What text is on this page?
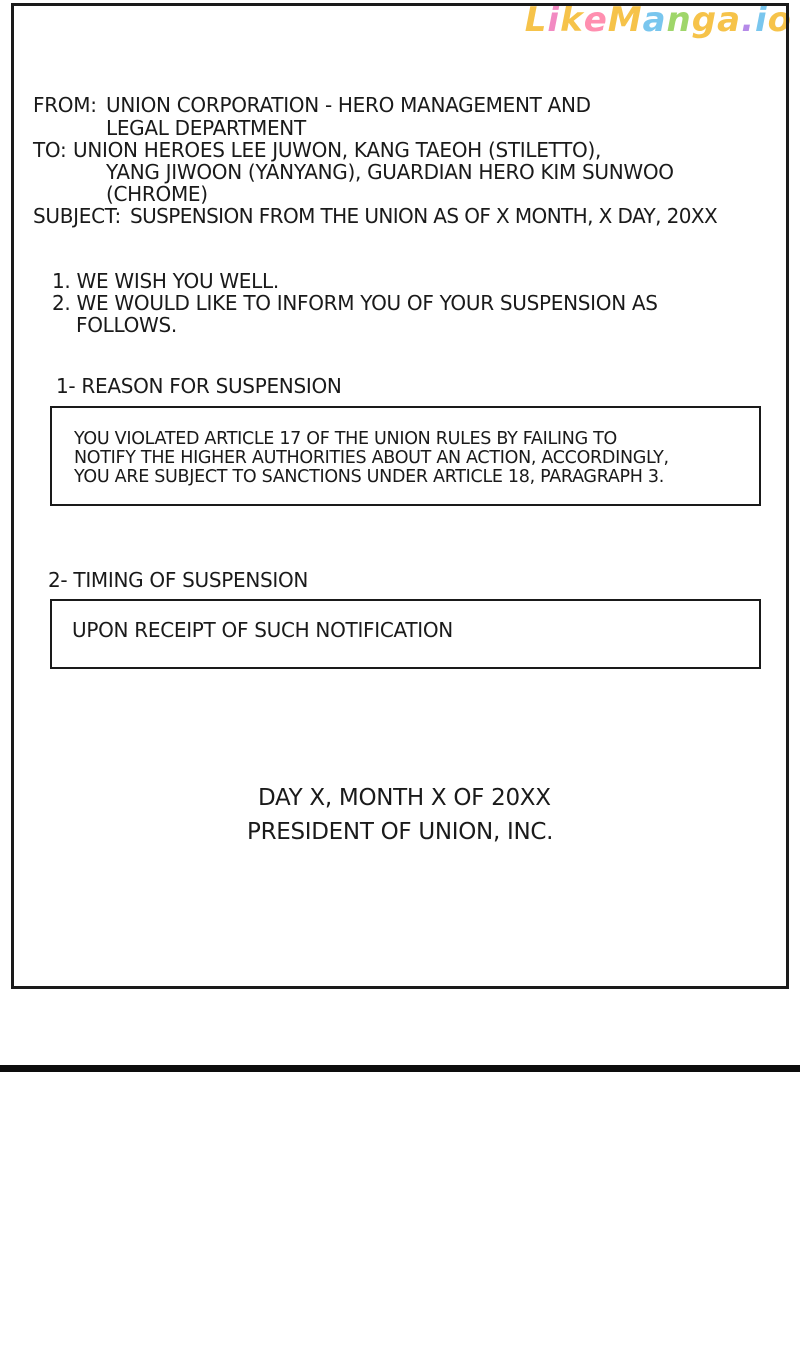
LikeManga.io
FROM: UNION CORPORATION - HERO MANAGEMENT AND
LEGAL DEPARTMENT
TO: UNION HEROES LEE JUWON, KANG TAEOH (STILETTO),
YANG JIWOON (YANYANG), GUARDIAN HERO KIM SUNWOO
(CHROME)
SUBJECT: SUSPENSION FROM THE UNION AS OF X MONTH, X DAY, 20XX
1. WE WISH YOU WELL.
2. WE WOULD LIKE TO INFORM YOU OF YOUR SUSPENSION AS
FOLLOWS.
1- REASON FOR SUSPENSION
YOU VIOLATED ARTICLE 17 OF THE UNION RULES BY FAILING TO
NOTIFY THE HIGHER AUTHORITIES ABOUT AN ACTION, ACCORDINGLY,
YOU ARE SUBJECT TO SANCTIONS UNDER ARTICLE 18, PARAGRAPH 3.
2- TIMING OF SUSPENSION
UPON RECEIPT OF SUCH NOTIFICATION
DAY X, MONTH X OF 20XX
PRESIDENT OF UNION, INC.
